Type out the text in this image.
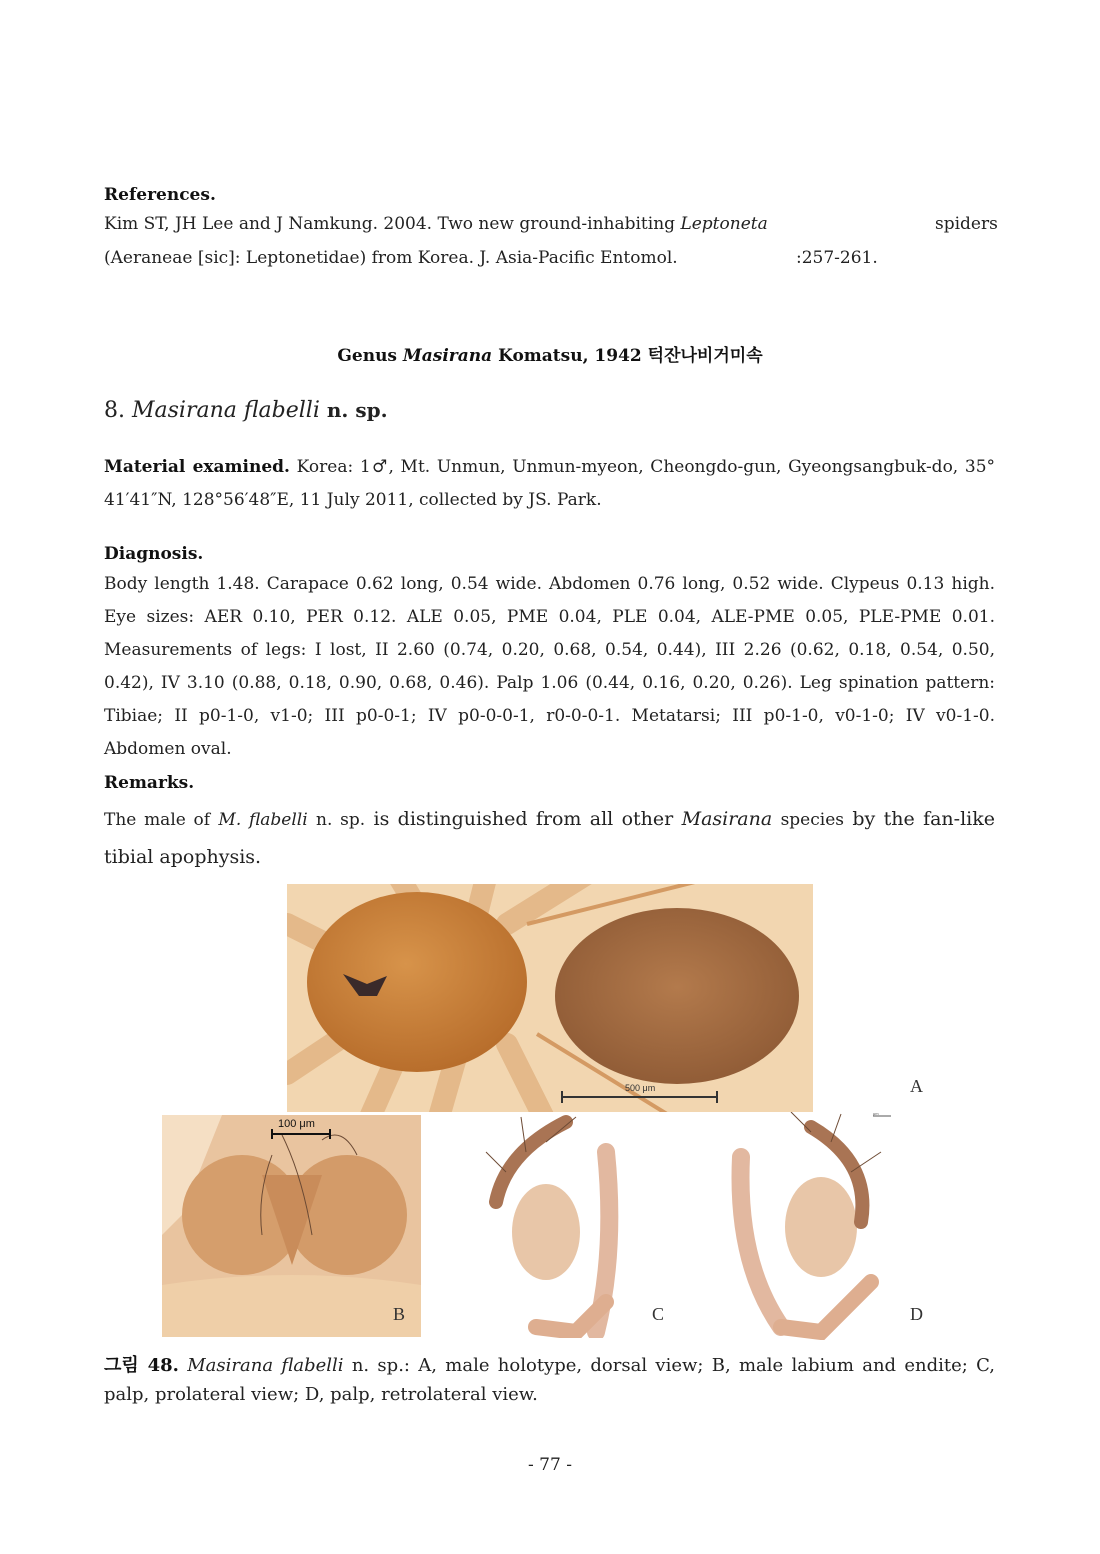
References.
Kim ST, JH Lee and J Namkung. 2004. Two new ground-inhabiting Leptoneta	spiders
(Aeraneae [sic]: Leptonetidae) from Korea. J. Asia-Pacific Entomol.	:257-261.
Genus Masirana Komatsu, 1942 턱잔나비거미속
8. Masirana flabelli n. sp.
Material examined. Korea: 1♂, Mt. Unmun, Unmun-myeon, Cheongdo-gun, Gyeongsangbuk-do, 35° 41′41″N, 128°56′48″E, 11 July 2011, collected by JS. Park.
Diagnosis.
Body length 1.48. Carapace 0.62 long, 0.54 wide. Abdomen 0.76 long, 0.52 wide. Clypeus 0.13 high. Eye sizes: AER 0.10, PER 0.12. ALE 0.05, PME 0.04, PLE 0.04, ALE-PME 0.05, PLE-PME 0.01. Measurements of legs: I lost, II 2.60 (0.74, 0.20, 0.68, 0.54, 0.44), III 2.26 (0.62, 0.18, 0.54, 0.50, 0.42), IV 3.10 (0.88, 0.18, 0.90, 0.68, 0.46). Palp 1.06 (0.44, 0.16, 0.20, 0.26). Leg spination pattern: Tibiae; II p0-1-0, v1-0; III p0-0-1; IV p0-0-0-1, r0-0-0-1. Metatarsi; III p0-1-0, v0-1-0; IV v0-1-0. Abdomen oval.
Remarks.
The male of M. flabelli n. sp. is distinguished from all other Masirana species by the fan-like tibial apophysis.
500 μm	A
100 μm
B	C
μm
D
그림 48. Masirana flabelli n. sp.: A, male holotype, dorsal view; B, male labium and endite; C, palp, prolateral view; D, palp, retrolateral view.
- 77 -
